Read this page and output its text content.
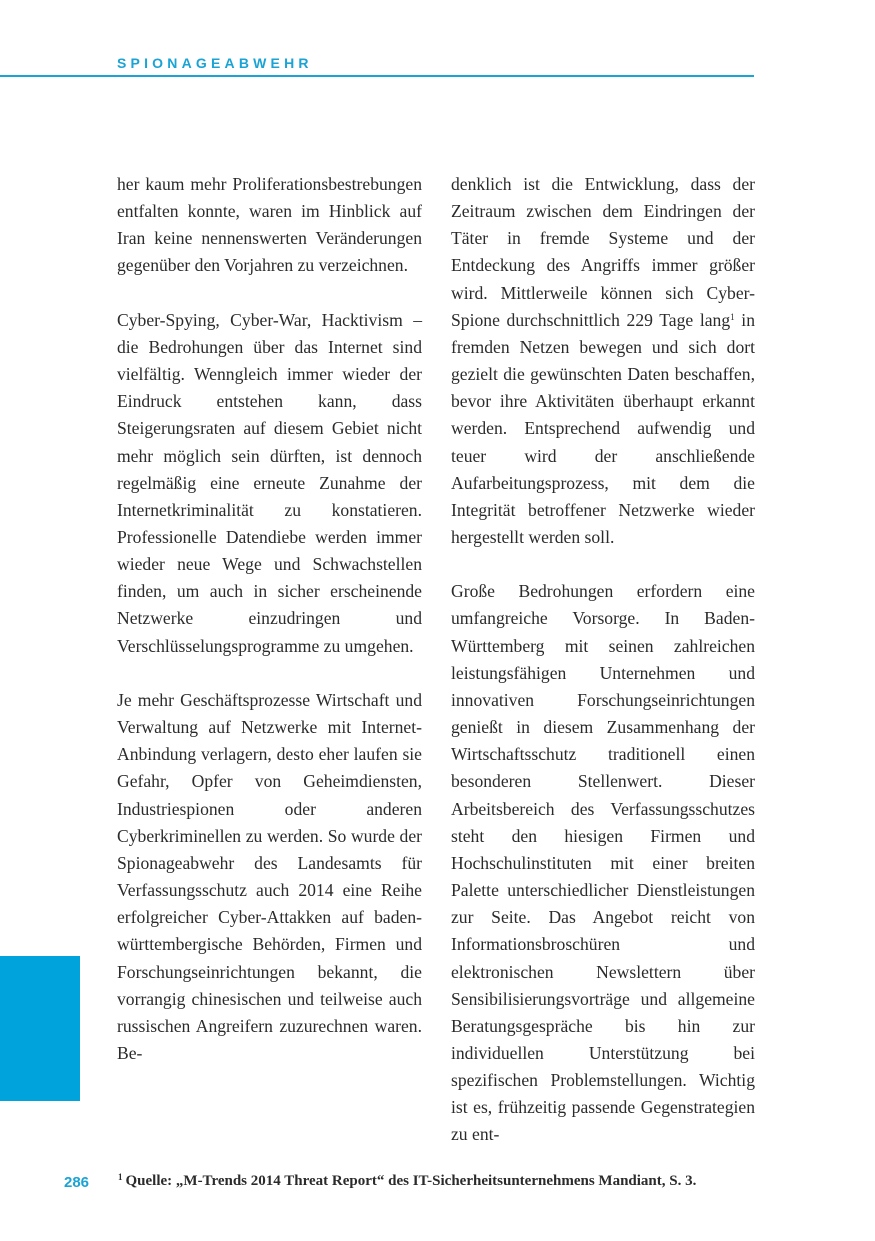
SPIONAGEABWEHR

her kaum mehr Proliferationsbestrebungen entfalten konnte, waren im Hinblick auf Iran keine nennenswerten Veränderungen gegenüber den Vorjahren zu verzeichnen.

Cyber-Spying, Cyber-War, Hacktivism – die Bedrohungen über das Internet sind vielfältig. Wenngleich immer wieder der Eindruck entstehen kann, dass Steigerungsraten auf diesem Gebiet nicht mehr möglich sein dürften, ist dennoch regelmäßig eine erneute Zunahme der Internetkriminalität zu konstatieren. Professionelle Datendiebe werden immer wieder neue Wege und Schwachstellen finden, um auch in sicher erscheinende Netzwerke einzudringen und Verschlüsselungsprogramme zu umgehen.

Je mehr Geschäftsprozesse Wirtschaft und Verwaltung auf Netzwerke mit Internet-Anbindung verlagern, desto eher laufen sie Gefahr, Opfer von Geheimdiensten, Industriespionen oder anderen Cyberkriminellen zu werden. So wurde der Spionageabwehr des Landesamts für Verfassungsschutz auch 2014 eine Reihe erfolgreicher Cyber-Attakken auf baden-württembergische Behörden, Firmen und Forschungseinrichtungen bekannt, die vorrangig chinesischen und teilweise auch russischen Angreifern zuzurechnen waren. Be-

denklich ist die Entwicklung, dass der Zeitraum zwischen dem Eindringen der Täter in fremde Systeme und der Entdeckung des Angriffs immer größer wird. Mittlerweile können sich Cyber-Spione durchschnittlich 229 Tage lang$^1$ in fremden Netzen bewegen und sich dort gezielt die gewünschten Daten beschaffen, bevor ihre Aktivitäten überhaupt erkannt werden. Entsprechend aufwendig und teuer wird der anschließende Aufarbeitungsprozess, mit dem die Integrität betroffener Netzwerke wieder hergestellt werden soll.

Große Bedrohungen erfordern eine umfangreiche Vorsorge. In Baden-Württemberg mit seinen zahlreichen leistungsfähigen Unternehmen und innovativen Forschungseinrichtungen genießt in diesem Zusammenhang der Wirtschaftsschutz traditionell einen besonderen Stellenwert. Dieser Arbeitsbereich des Verfassungsschutzes steht den hiesigen Firmen und Hochschulinstituten mit einer breiten Palette unterschiedlicher Dienstleistungen zur Seite. Das Angebot reicht von Informationsbroschüren und elektronischen Newslettern über Sensibilisierungsvorträge und allgemeine Beratungsgespräche bis hin zur individuellen Unterstützung bei spezifischen Problemstellungen. Wichtig ist es, frühzeitig passende Gegenstrategien zu ent-

286	$^1$ Quelle: „M-Trends 2014 Threat Report“ des IT-Sicherheitsunternehmens Mandiant, S. 3.
